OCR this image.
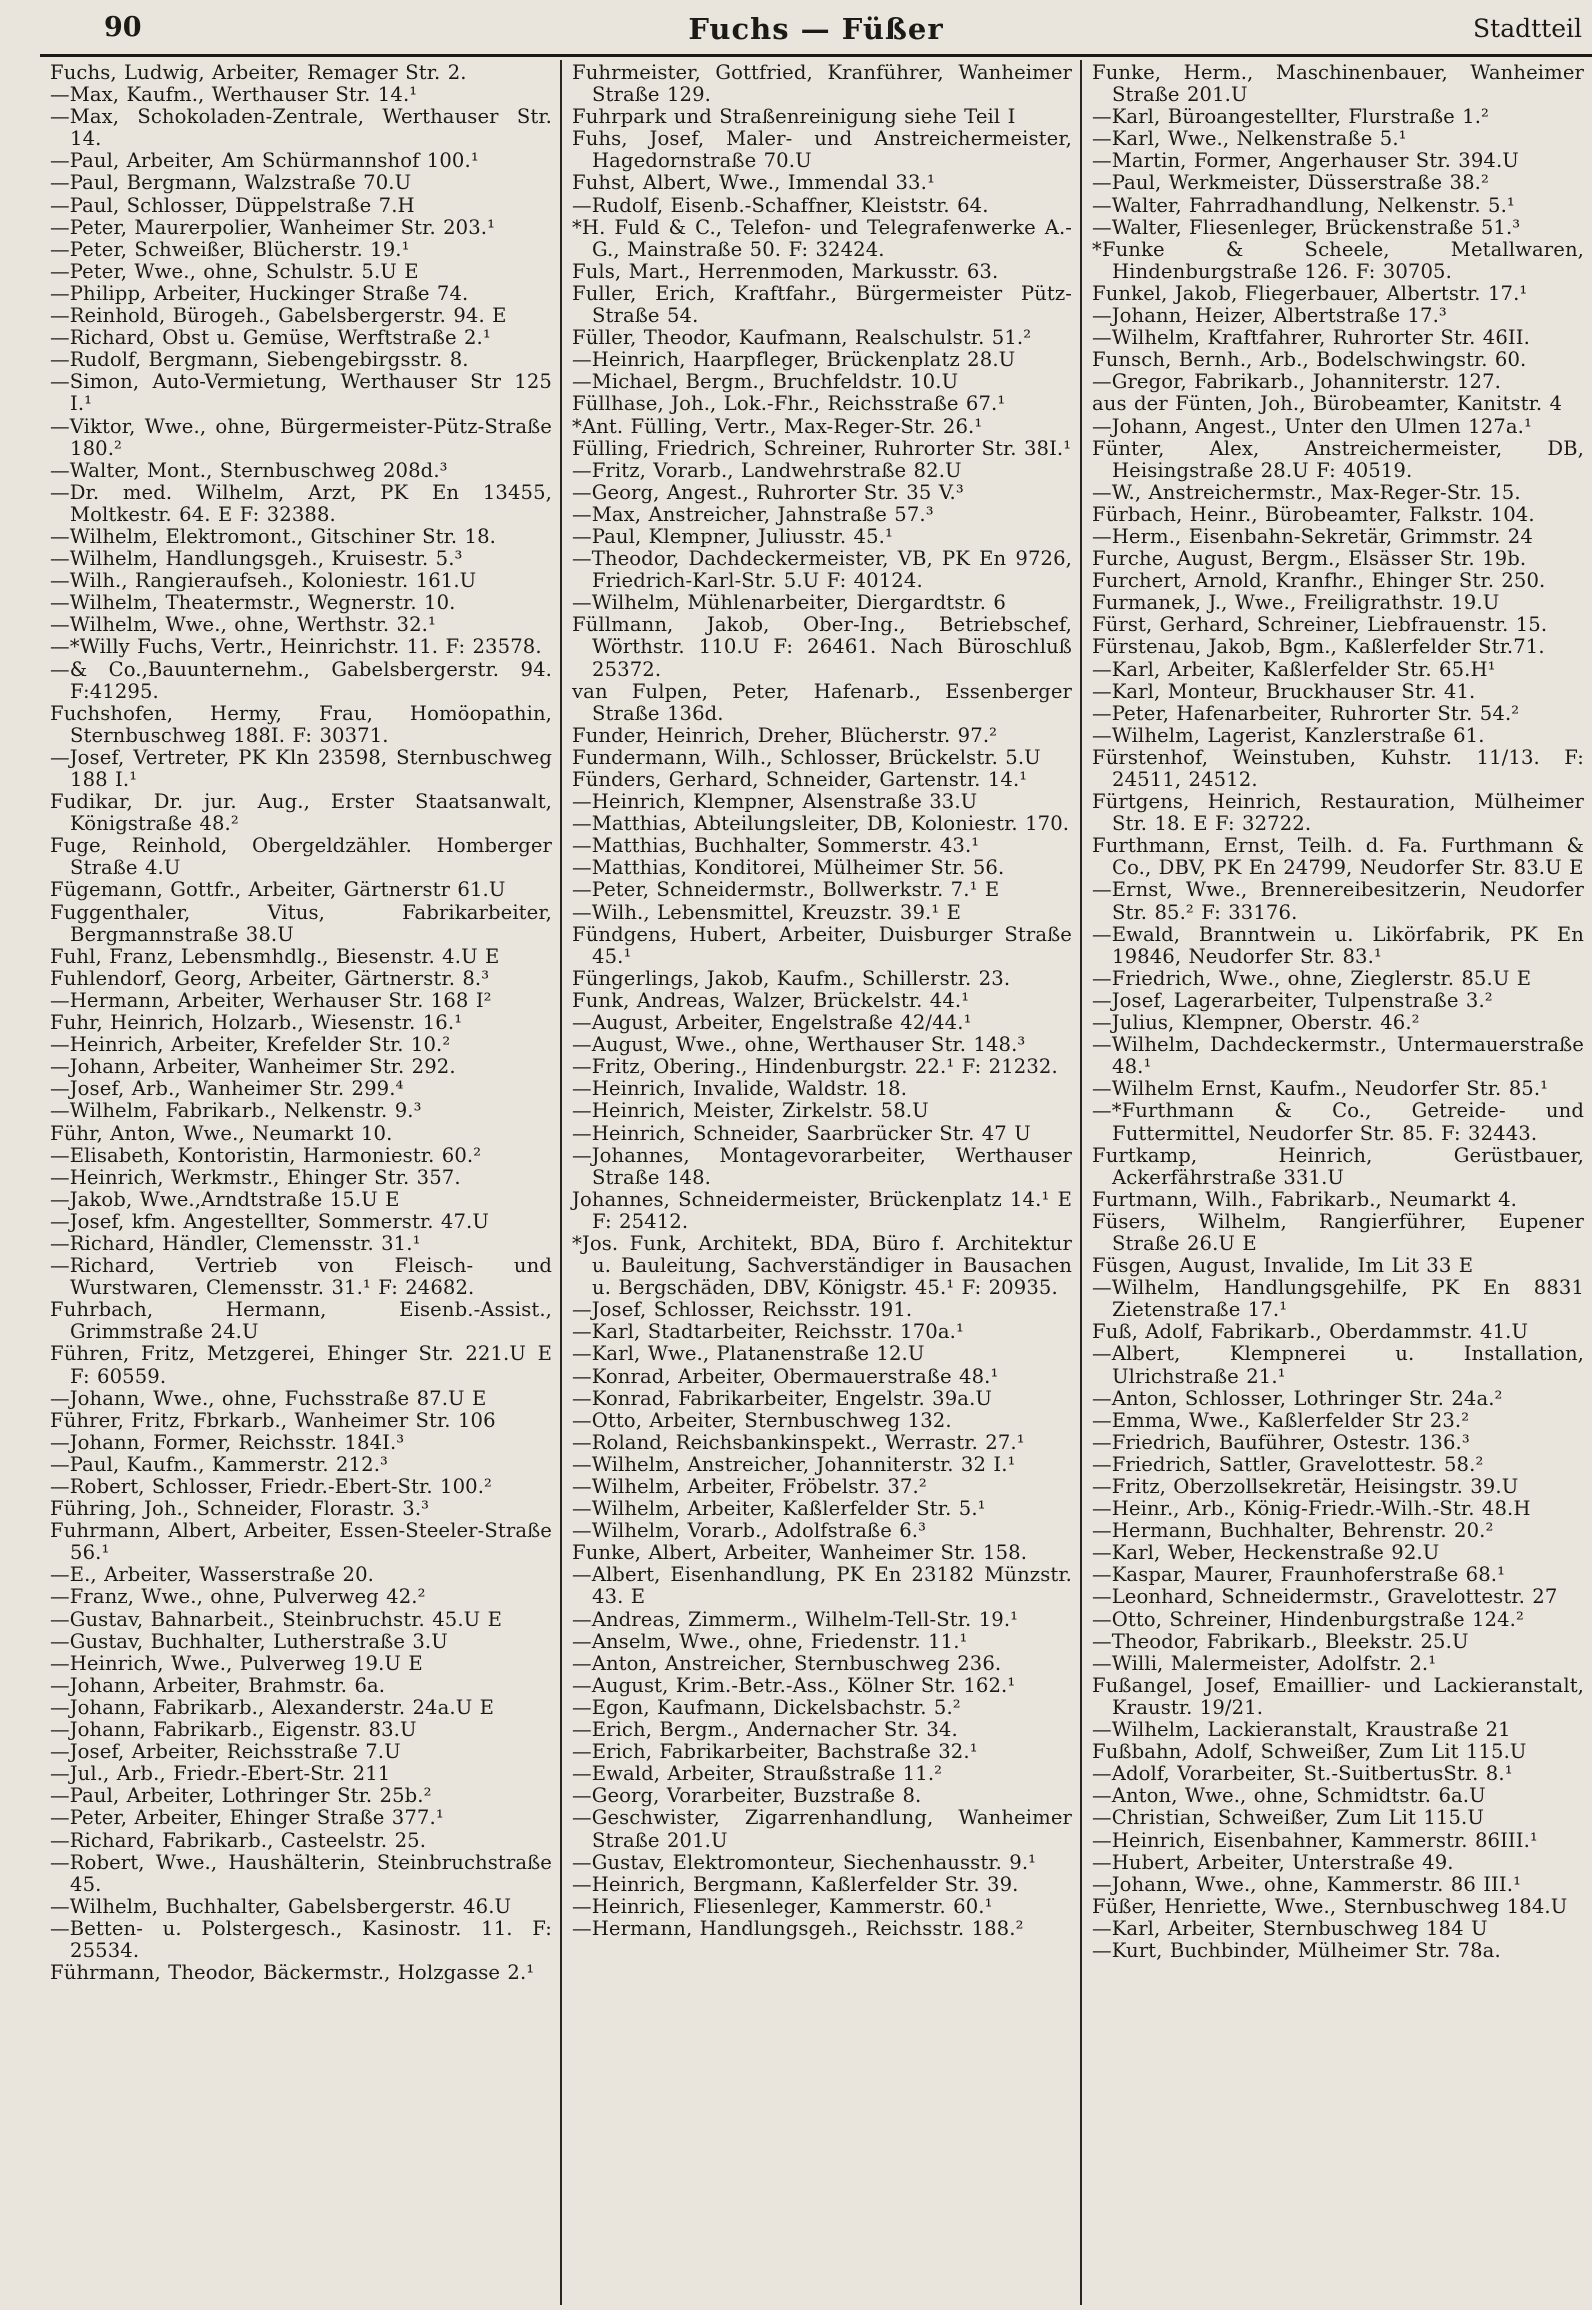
90	Fuchs — Füßer	Stadtteil
Fuchs, Ludwig, Arbeiter, Remager Str. 2.
—Max, Kaufm., Werthauser Str. 14.¹
—Max, Schokoladen-Zentrale, Werthauser Str. 14.
—Paul, Arbeiter, Am Schürmannshof 100.¹
—Paul, Bergmann, Walzstraße 70.U
—Paul, Schlosser, Düppelstraße 7.H
—Peter, Maurerpolier, Wanheimer Str. 203.¹
—Peter, Schweißer, Blücherstr. 19.¹
—Peter, Wwe., ohne, Schulstr. 5.U E
—Philipp, Arbeiter, Huckinger Straße 74.
—Reinhold, Bürogeh., Gabelsbergerstr. 94. E
—Richard, Obst u. Gemüse, Werftstraße 2.¹
—Rudolf, Bergmann, Siebengebirgsstr. 8.
—Simon, Auto-Vermietung, Werthauser Str 125 I.¹
—Viktor, Wwe., ohne, Bürgermeister-Pütz-Straße 180.²
—Walter, Mont., Sternbuschweg 208d.³
—Dr. med. Wilhelm, Arzt, PK En 13455, Moltkestr. 64. E F: 32388.
—Wilhelm, Elektromont., Gitschiner Str. 18.
—Wilhelm, Handlungsgeh., Kruisestr. 5.³
—Wilh., Rangieraufseh., Koloniestr. 161.U
—Wilhelm, Theatermstr., Wegnerstr. 10.
—Wilhelm, Wwe., ohne, Werthstr. 32.¹
—*Willy Fuchs, Vertr., Heinrichstr. 11. F: 23578.
—& Co.,Bauunternehm., Gabelsbergerstr. 94. F:41295.
Fuchshofen, Hermy, Frau, Homöopathin, Sternbuschweg 188I. F: 30371.
—Josef, Vertreter, PK Kln 23598, Sternbuschweg 188 I.¹
Fudikar, Dr. jur. Aug., Erster Staatsanwalt, Königstraße 48.²
Fuge, Reinhold, Obergeldzähler. Homberger Straße 4.U
Fügemann, Gottfr., Arbeiter, Gärtnerstr 61.U
Fuggenthaler, Vitus, Fabrikarbeiter, Bergmannstraße 38.U
Fuhl, Franz, Lebensmhdlg., Biesenstr. 4.U E
Fuhlendorf, Georg, Arbeiter, Gärtnerstr. 8.³
—Hermann, Arbeiter, Werhauser Str. 168 I²
Fuhr, Heinrich, Holzarb., Wiesenstr. 16.¹
—Heinrich, Arbeiter, Krefelder Str. 10.²
—Johann, Arbeiter, Wanheimer Str. 292.
—Josef, Arb., Wanheimer Str. 299.⁴
—Wilhelm, Fabrikarb., Nelkenstr. 9.³
Führ, Anton, Wwe., Neumarkt 10.
—Elisabeth, Kontoristin, Harmoniestr. 60.²
—Heinrich, Werkmstr., Ehinger Str. 357.
—Jakob, Wwe.,Arndtstraße 15.U E
—Josef, kfm. Angestellter, Sommerstr. 47.U
—Richard, Händler, Clemensstr. 31.¹
—Richard, Vertrieb von Fleisch- und Wurstwaren, Clemensstr. 31.¹ F: 24682.
Fuhrbach, Hermann, Eisenb.-Assist., Grimmstraße 24.U
Führen, Fritz, Metzgerei, Ehinger Str. 221.U E F: 60559.
—Johann, Wwe., ohne, Fuchsstraße 87.U E
Führer, Fritz, Fbrkarb., Wanheimer Str. 106
—Johann, Former, Reichsstr. 184I.³
—Paul, Kaufm., Kammerstr. 212.³
—Robert, Schlosser, Friedr.-Ebert-Str. 100.²
Führing, Joh., Schneider, Florastr. 3.³
Fuhrmann, Albert, Arbeiter, Essen-Steeler-Straße 56.¹
—E., Arbeiter, Wasserstraße 20.
—Franz, Wwe., ohne, Pulverweg 42.²
—Gustav, Bahnarbeit., Steinbruchstr. 45.U E
—Gustav, Buchhalter, Lutherstraße 3.U
—Heinrich, Wwe., Pulverweg 19.U E
—Johann, Arbeiter, Brahmstr. 6a.
—Johann, Fabrikarb., Alexanderstr. 24a.U E
—Johann, Fabrikarb., Eigenstr. 83.U
—Josef, Arbeiter, Reichsstraße 7.U
—Jul., Arb., Friedr.-Ebert-Str. 211
—Paul, Arbeiter, Lothringer Str. 25b.²
—Peter, Arbeiter, Ehinger Straße 377.¹
—Richard, Fabrikarb., Casteelstr. 25.
—Robert, Wwe., Haushälterin, Steinbruchstraße 45.
—Wilhelm, Buchhalter, Gabelsbergerstr. 46.U
—Betten- u. Polstergesch., Kasinostr. 11. F: 25534.
Führmann, Theodor, Bäckermstr., Holzgasse 2.¹
Fuhrmeister, Gottfried, Kranführer, Wanheimer Straße 129.
Fuhrpark und Straßenreinigung siehe Teil I
Fuhs, Josef, Maler- und Anstreichermeister, Hagedornstraße 70.U
Fuhst, Albert, Wwe., Immendal 33.¹
—Rudolf, Eisenb.-Schaffner, Kleiststr. 64.
*H. Fuld & C., Telefon- und Telegrafenwerke A.-G., Mainstraße 50. F: 32424.
Fuls, Mart., Herrenmoden, Markusstr. 63.
Fuller, Erich, Kraftfahr., Bürgermeister Pütz-Straße 54.
Füller, Theodor, Kaufmann, Realschulstr. 51.²
—Heinrich, Haarpfleger, Brückenplatz 28.U
—Michael, Bergm., Bruchfeldstr. 10.U
Füllhase, Joh., Lok.-Fhr., Reichsstraße 67.¹
*Ant. Fülling, Vertr., Max-Reger-Str. 26.¹
Fülling, Friedrich, Schreiner, Ruhrorter Str. 38I.¹
—Fritz, Vorarb., Landwehrstraße 82.U
—Georg, Angest., Ruhrorter Str. 35 V.³
—Max, Anstreicher, Jahnstraße 57.³
—Paul, Klempner, Juliusstr. 45.¹
—Theodor, Dachdeckermeister, VB, PK En 9726, Friedrich-Karl-Str. 5.U F: 40124.
—Wilhelm, Mühlenarbeiter, Diergardtstr. 6
Füllmann, Jakob, Ober-Ing., Betriebschef, Wörthstr. 110.U F: 26461. Nach Büroschluß 25372.
van Fulpen, Peter, Hafenarb., Essenberger Straße 136d.
Funder, Heinrich, Dreher, Blücherstr. 97.²
Fundermann, Wilh., Schlosser, Brückelstr. 5.U
Fünders, Gerhard, Schneider, Gartenstr. 14.¹
—Heinrich, Klempner, Alsenstraße 33.U
—Matthias, Abteilungsleiter, DB, Koloniestr. 170.
—Matthias, Buchhalter, Sommerstr. 43.¹
—Matthias, Konditorei, Mülheimer Str. 56.
—Peter, Schneidermstr., Bollwerkstr. 7.¹ E
—Wilh., Lebensmittel, Kreuzstr. 39.¹ E
Fündgens, Hubert, Arbeiter, Duisburger Straße 45.¹
Füngerlings, Jakob, Kaufm., Schillerstr. 23.
Funk, Andreas, Walzer, Brückelstr. 44.¹
—August, Arbeiter, Engelstraße 42/44.¹
—August, Wwe., ohne, Werthauser Str. 148.³
—Fritz, Obering., Hindenburgstr. 22.¹ F: 21232.
—Heinrich, Invalide, Waldstr. 18.
—Heinrich, Meister, Zirkelstr. 58.U
—Heinrich, Schneider, Saarbrücker Str. 47 U
—Johannes, Montagevorarbeiter, Werthauser Straße 148.
Johannes, Schneidermeister, Brückenplatz 14.¹ E F: 25412.
*Jos. Funk, Architekt, BDA, Büro f. Architektur u. Bauleitung, Sachverständiger in Bausachen u. Bergschäden, DBV, Königstr. 45.¹ F: 20935.
—Josef, Schlosser, Reichsstr. 191.
—Karl, Stadtarbeiter, Reichsstr. 170a.¹
—Karl, Wwe., Platanenstraße 12.U
—Konrad, Arbeiter, Obermauerstraße 48.¹
—Konrad, Fabrikarbeiter, Engelstr. 39a.U
—Otto, Arbeiter, Sternbuschweg 132.
—Roland, Reichsbankinspekt., Werrastr. 27.¹
—Wilhelm, Anstreicher, Johanniterstr. 32 I.¹
—Wilhelm, Arbeiter, Fröbelstr. 37.²
—Wilhelm, Arbeiter, Kaßlerfelder Str. 5.¹
—Wilhelm, Vorarb., Adolfstraße 6.³
Funke, Albert, Arbeiter, Wanheimer Str. 158.
—Albert, Eisenhandlung, PK En 23182 Münzstr. 43. E
—Andreas, Zimmerm., Wilhelm-Tell-Str. 19.¹
—Anselm, Wwe., ohne, Friedenstr. 11.¹
—Anton, Anstreicher, Sternbuschweg 236.
—August, Krim.-Betr.-Ass., Kölner Str. 162.¹
—Egon, Kaufmann, Dickelsbachstr. 5.²
—Erich, Bergm., Andernacher Str. 34.
—Erich, Fabrikarbeiter, Bachstraße 32.¹
—Ewald, Arbeiter, Straußstraße 11.²
—Georg, Vorarbeiter, Buzstraße 8.
—Geschwister, Zigarrenhandlung, Wanheimer Straße 201.U
—Gustav, Elektromonteur, Siechenhausstr. 9.¹
—Heinrich, Bergmann, Kaßlerfelder Str. 39.
—Heinrich, Fliesenleger, Kammerstr. 60.¹
—Hermann, Handlungsgeh., Reichsstr. 188.²
Funke, Herm., Maschinenbauer, Wanheimer Straße 201.U
—Karl, Büroangestellter, Flurstraße 1.²
—Karl, Wwe., Nelkenstraße 5.¹
—Martin, Former, Angerhauser Str. 394.U
—Paul, Werkmeister, Düsserstraße 38.²
—Walter, Fahrradhandlung, Nelkenstr. 5.¹
—Walter, Fliesenleger, Brückenstraße 51.³
*Funke & Scheele, Metallwaren, Hindenburgstraße 126. F: 30705.
Funkel, Jakob, Fliegerbauer, Albertstr. 17.¹
—Johann, Heizer, Albertstraße 17.³
—Wilhelm, Kraftfahrer, Ruhrorter Str. 46II.
Funsch, Bernh., Arb., Bodelschwingstr. 60.
—Gregor, Fabrikarb., Johanniterstr. 127.
aus der Fünten, Joh., Bürobeamter, Kanitstr. 4
—Johann, Angest., Unter den Ulmen 127a.¹
Fünter, Alex, Anstreichermeister, DB, Heisingstraße 28.U F: 40519.
—W., Anstreichermstr., Max-Reger-Str. 15.
Fürbach, Heinr., Bürobeamter, Falkstr. 104.
—Herm., Eisenbahn-Sekretär, Grimmstr. 24
Furche, August, Bergm., Elsässer Str. 19b.
Furchert, Arnold, Kranfhr., Ehinger Str. 250.
Furmanek, J., Wwe., Freiligrathstr. 19.U
Fürst, Gerhard, Schreiner, Liebfrauenstr. 15.
Fürstenau, Jakob, Bgm., Kaßlerfelder Str.71.
—Karl, Arbeiter, Kaßlerfelder Str. 65.H¹
—Karl, Monteur, Bruckhauser Str. 41.
—Peter, Hafenarbeiter, Ruhrorter Str. 54.²
—Wilhelm, Lagerist, Kanzlerstraße 61.
Fürstenhof, Weinstuben, Kuhstr. 11/13. F: 24511, 24512.
Fürtgens, Heinrich, Restauration, Mülheimer Str. 18. E F: 32722.
Furthmann, Ernst, Teilh. d. Fa. Furthmann & Co., DBV, PK En 24799, Neudorfer Str. 83.U E
—Ernst, Wwe., Brennereibesitzerin, Neudorfer Str. 85.² F: 33176.
—Ewald, Branntwein u. Likörfabrik, PK En 19846, Neudorfer Str. 83.¹
—Friedrich, Wwe., ohne, Zieglerstr. 85.U E
—Josef, Lagerarbeiter, Tulpenstraße 3.²
—Julius, Klempner, Oberstr. 46.²
—Wilhelm, Dachdeckermstr., Untermauerstraße 48.¹
—Wilhelm Ernst, Kaufm., Neudorfer Str. 85.¹
—*Furthmann & Co., Getreide- und Futtermittel, Neudorfer Str. 85. F: 32443.
Furtkamp, Heinrich, Gerüstbauer, Ackerfährstraße 331.U
Furtmann, Wilh., Fabrikarb., Neumarkt 4.
Füsers, Wilhelm, Rangierführer, Eupener Straße 26.U E
Füsgen, August, Invalide, Im Lit 33 E
—Wilhelm, Handlungsgehilfe, PK En 8831 Zietenstraße 17.¹
Fuß, Adolf, Fabrikarb., Oberdammstr. 41.U
—Albert, Klempnerei u. Installation, Ulrichstraße 21.¹
—Anton, Schlosser, Lothringer Str. 24a.²
—Emma, Wwe., Kaßlerfelder Str 23.²
—Friedrich, Bauführer, Ostestr. 136.³
—Friedrich, Sattler, Gravelottestr. 58.²
—Fritz, Oberzollsekretär, Heisingstr. 39.U
—Heinr., Arb., König-Friedr.-Wilh.-Str. 48.H
—Hermann, Buchhalter, Behrenstr. 20.²
—Karl, Weber, Heckenstraße 92.U
—Kaspar, Maurer, Fraunhoferstraße 68.¹
—Leonhard, Schneidermstr., Gravelottestr. 27
—Otto, Schreiner, Hindenburgstraße 124.²
—Theodor, Fabrikarb., Bleekstr. 25.U
—Willi, Malermeister, Adolfstr. 2.¹
Fußangel, Josef, Emaillier- und Lackieranstalt, Kraustr. 19/21.
—Wilhelm, Lackieranstalt, Kraustraße 21
Fußbahn, Adolf, Schweißer, Zum Lit 115.U
—Adolf, Vorarbeiter, St.-SuitbertusStr. 8.¹
—Anton, Wwe., ohne, Schmidtstr. 6a.U
—Christian, Schweißer, Zum Lit 115.U
—Heinrich, Eisenbahner, Kammerstr. 86III.¹
—Hubert, Arbeiter, Unterstraße 49.
—Johann, Wwe., ohne, Kammerstr. 86 III.¹
Füßer, Henriette, Wwe., Sternbuschweg 184.U
—Karl, Arbeiter, Sternbuschweg 184 U
—Kurt, Buchbinder, Mülheimer Str. 78a.
